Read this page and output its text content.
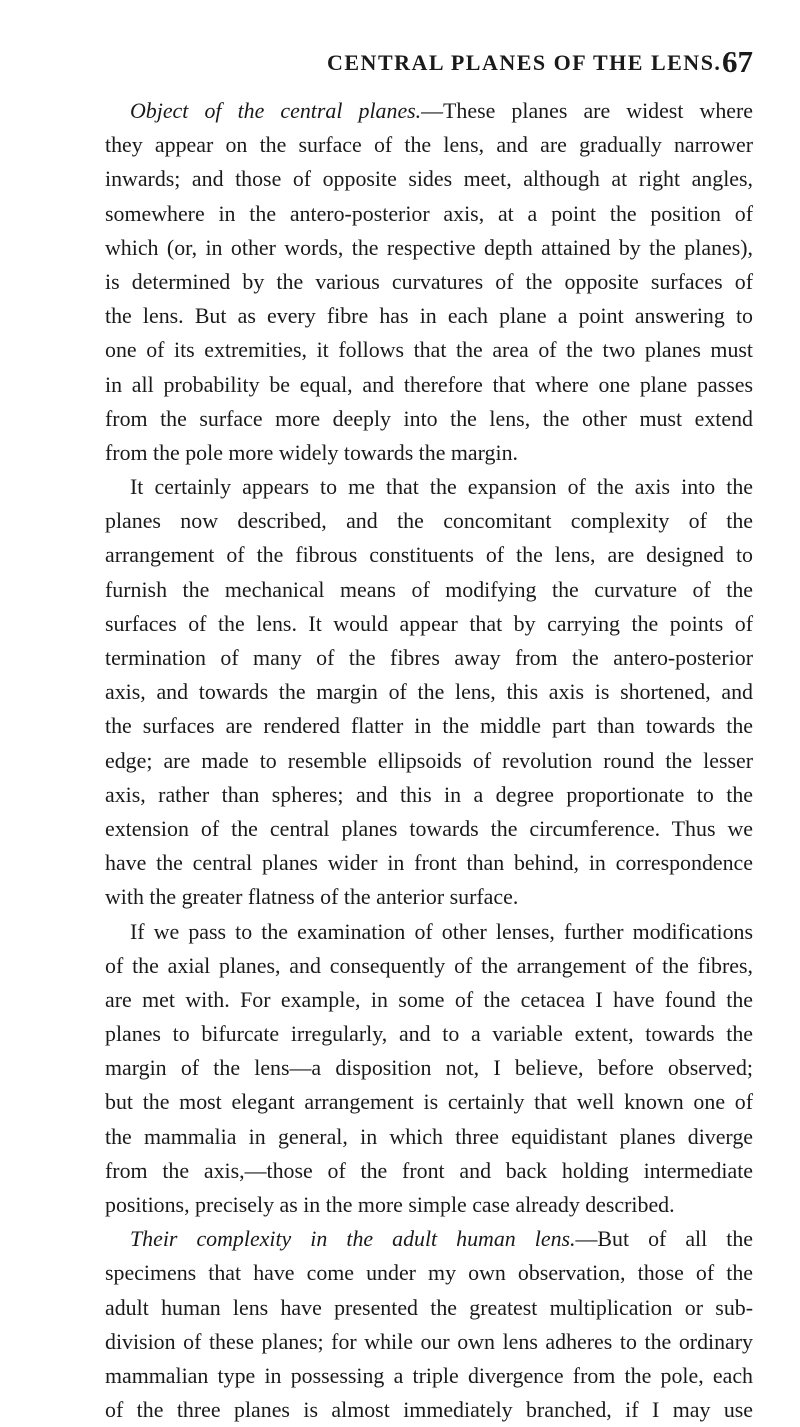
CENTRAL PLANES OF THE LENS. 67
Object of the central planes.—These planes are widest where
they appear on the surface of the lens, and are gradually narrower
inwards; and those of opposite sides meet, although at right angles,
somewhere in the antero-posterior axis, at a point the position of
which (or, in other words, the respective depth attained by the planes),
is determined by the various curvatures of the opposite surfaces of
the lens. But as every fibre has in each plane a point answering to
one of its extremities, it follows that the area of the two planes must
in all probability be equal, and therefore that where one plane passes
from the surface more deeply into the lens, the other must extend
from the pole more widely towards the margin.
It certainly appears to me that the expansion of the axis into the
planes now described, and the concomitant complexity of the
arrangement of the fibrous constituents of the lens, are designed to
furnish the mechanical means of modifying the curvature of the
surfaces of the lens. It would appear that by carrying the points of
termination of many of the fibres away from the antero-posterior
axis, and towards the margin of the lens, this axis is shortened, and
the surfaces are rendered flatter in the middle part than towards the
edge; are made to resemble ellipsoids of revolution round the lesser
axis, rather than spheres; and this in a degree proportionate to the
extension of the central planes towards the circumference. Thus we
have the central planes wider in front than behind, in correspondence
with the greater flatness of the anterior surface.
If we pass to the examination of other lenses, further modifications
of the axial planes, and consequently of the arrangement of the fibres,
are met with. For example, in some of the cetacea I have found the
planes to bifurcate irregularly, and to a variable extent, towards the
margin of the lens—a disposition not, I believe, before observed;
but the most elegant arrangement is certainly that well known one of
the mammalia in general, in which three equidistant planes diverge
from the axis,—those of the front and back holding intermediate
positions, precisely as in the more simple case already described.
Their complexity in the adult human lens.—But of all the
specimens that have come under my own observation, those of the
adult human lens have presented the greatest multiplication or sub-
division of these planes; for while our own lens adheres to the ordinary
mammalian type in possessing a triple divergence from the pole, each
of the three planes is almost immediately branched, if I may use
